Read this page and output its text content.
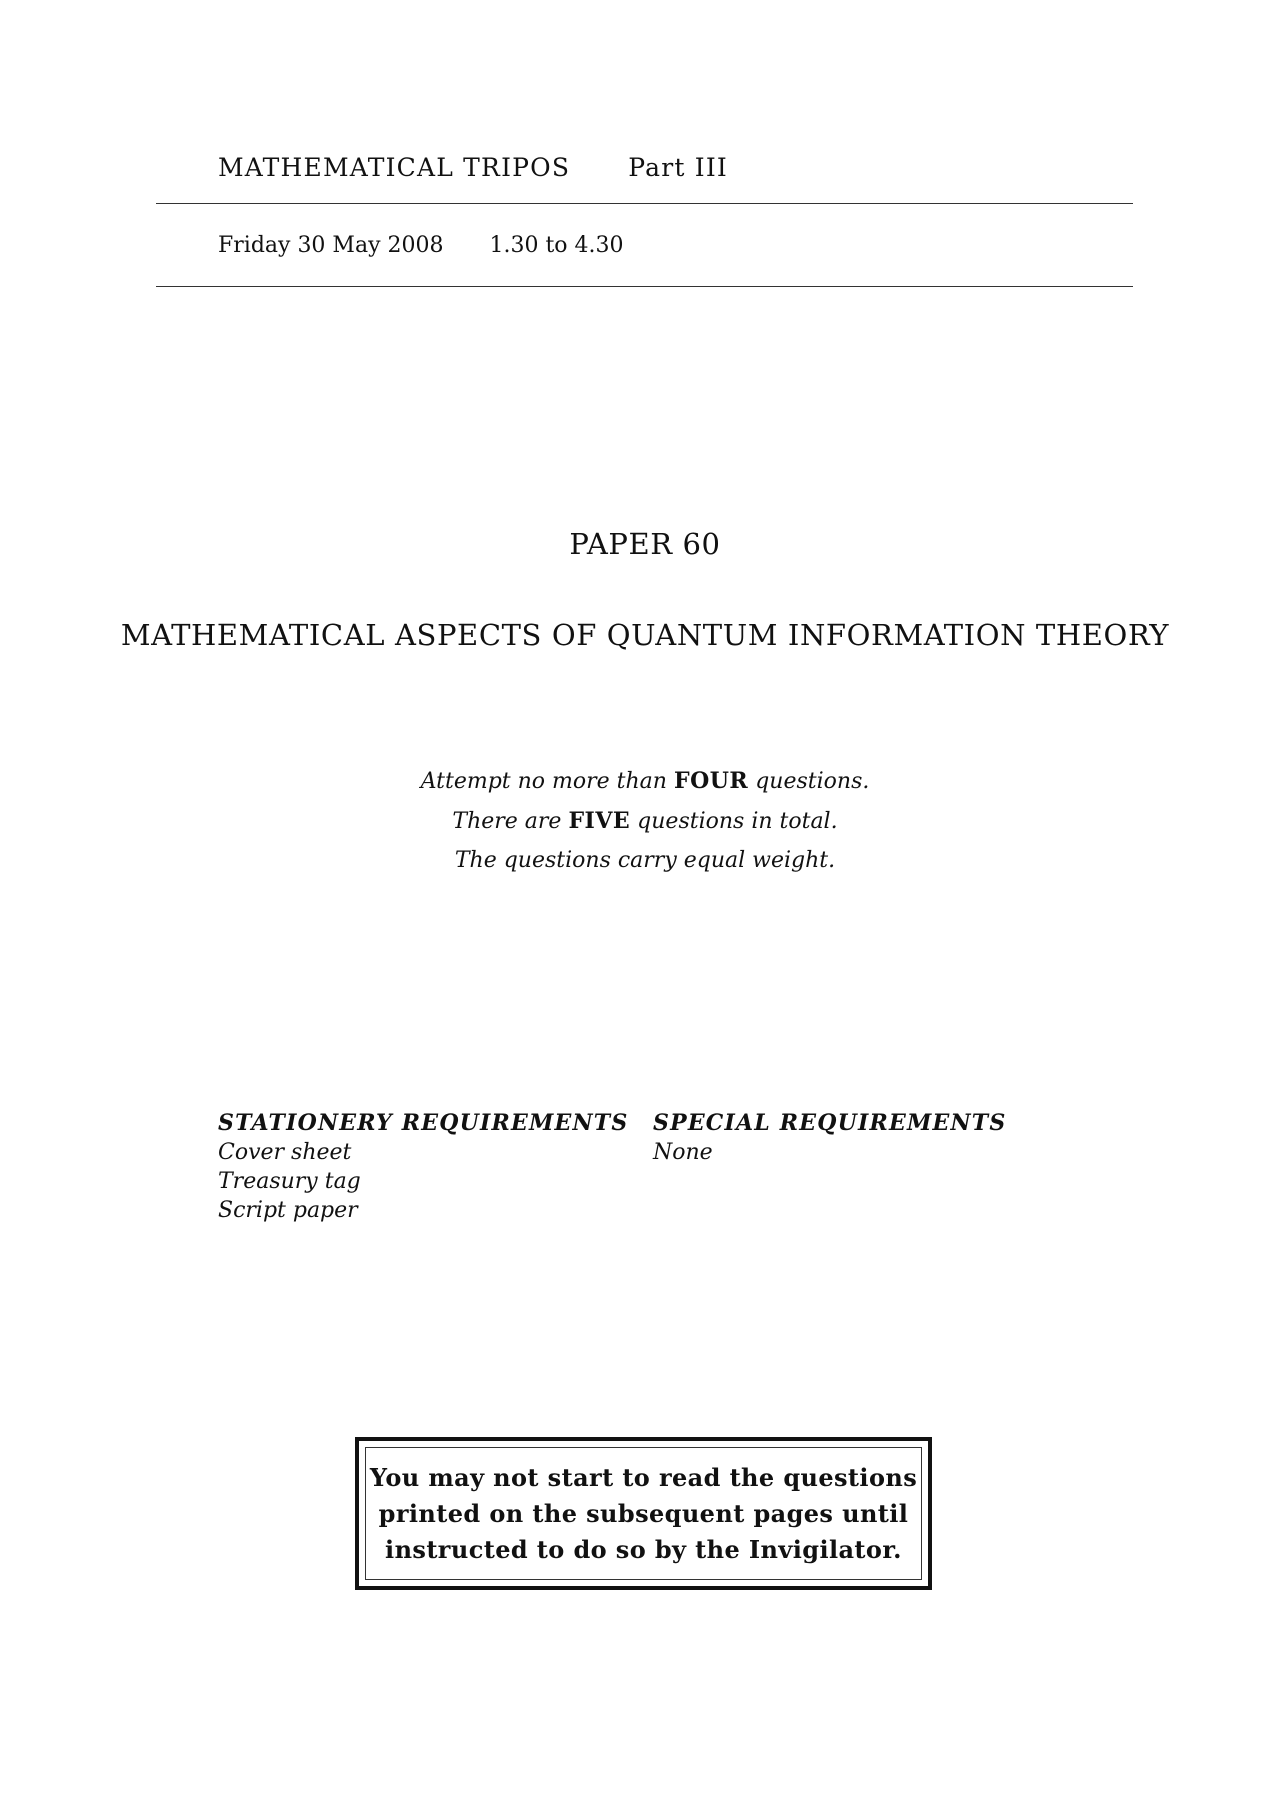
MATHEMATICAL TRIPOS Part III
Friday 30 May 2008 1.30 to 4.30
PAPER 60
MATHEMATICAL ASPECTS OF QUANTUM INFORMATION THEORY
Attempt no more than FOUR questions.
There are FIVE questions in total.
The questions carry equal weight.
STATIONERY REQUIREMENTS
Cover sheet
Treasury tag
Script paper
SPECIAL REQUIREMENTS
None
You may not start to read the questions
printed on the subsequent pages until
instructed to do so by the Invigilator.
